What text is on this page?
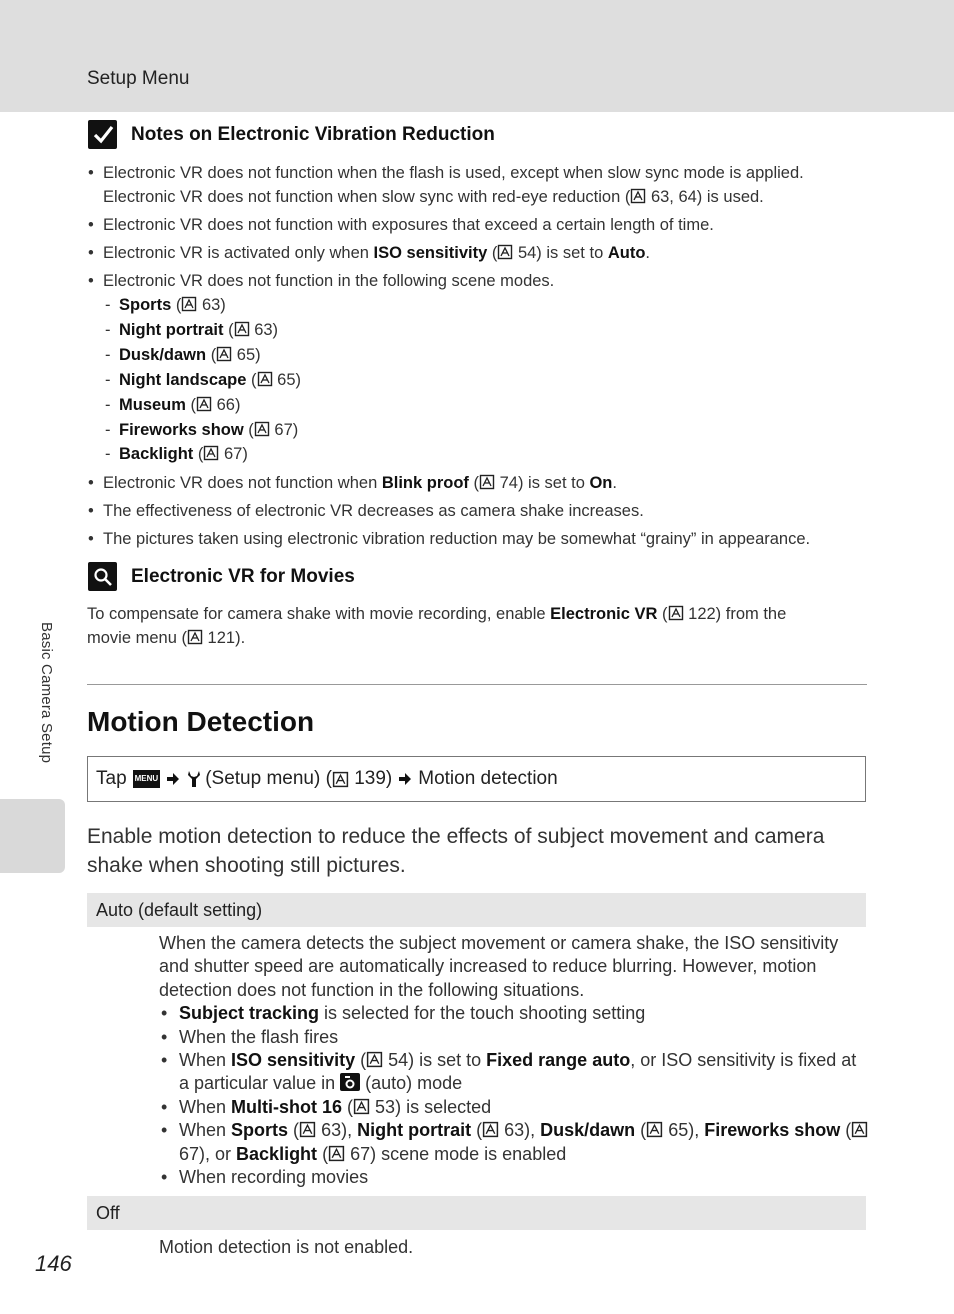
Setup Menu
Basic Camera Setup
Notes on Electronic Vibration Reduction
• Electronic VR does not function when the flash is used, except when slow sync mode is applied.
Electronic VR does not function when slow sync with red-eye reduction ( 63, 64) is used.
• Electronic VR does not function with exposures that exceed a certain length of time.
• Electronic VR is activated only when ISO sensitivity ( 54) is set to Auto.
• Electronic VR does not function in the following scene modes.
- Sports ( 63)
- Night portrait ( 63)
- Dusk/dawn ( 65)
- Night landscape ( 65)
- Museum ( 66)
- Fireworks show ( 67)
- Backlight ( 67)
• Electronic VR does not function when Blink proof ( 74) is set to On.
• The effectiveness of electronic VR decreases as camera shake increases.
• The pictures taken using electronic vibration reduction may be somewhat “grainy” in appearance.
Electronic VR for Movies
To compensate for camera shake with movie recording, enable Electronic VR ( 122) from the
movie menu ( 121).
Motion Detection
Tap MENU (Setup menu) (
139) Motion detection
Enable motion detection to reduce the effects of subject movement and camera shake when shooting still pictures.
Auto (default setting)
When the camera detects the subject movement or camera shake, the ISO sensitivity and shutter speed are automatically increased to reduce blurring. However, motion detection does not function in the following situations.
• Subject tracking is selected for the touch shooting setting
• When the flash fires
• When ISO sensitivity ( 54) is set to Fixed range auto, or ISO sensitivity is fixed at a particular value in  (auto) mode
• When Multi-shot 16 ( 53) is selected
• When Sports ( 63), Night portrait ( 63), Dusk/dawn ( 65), Fireworks show ( 67), or Backlight ( 67) scene mode is enabled
• When recording movies
Off
Motion detection is not enabled.
146
